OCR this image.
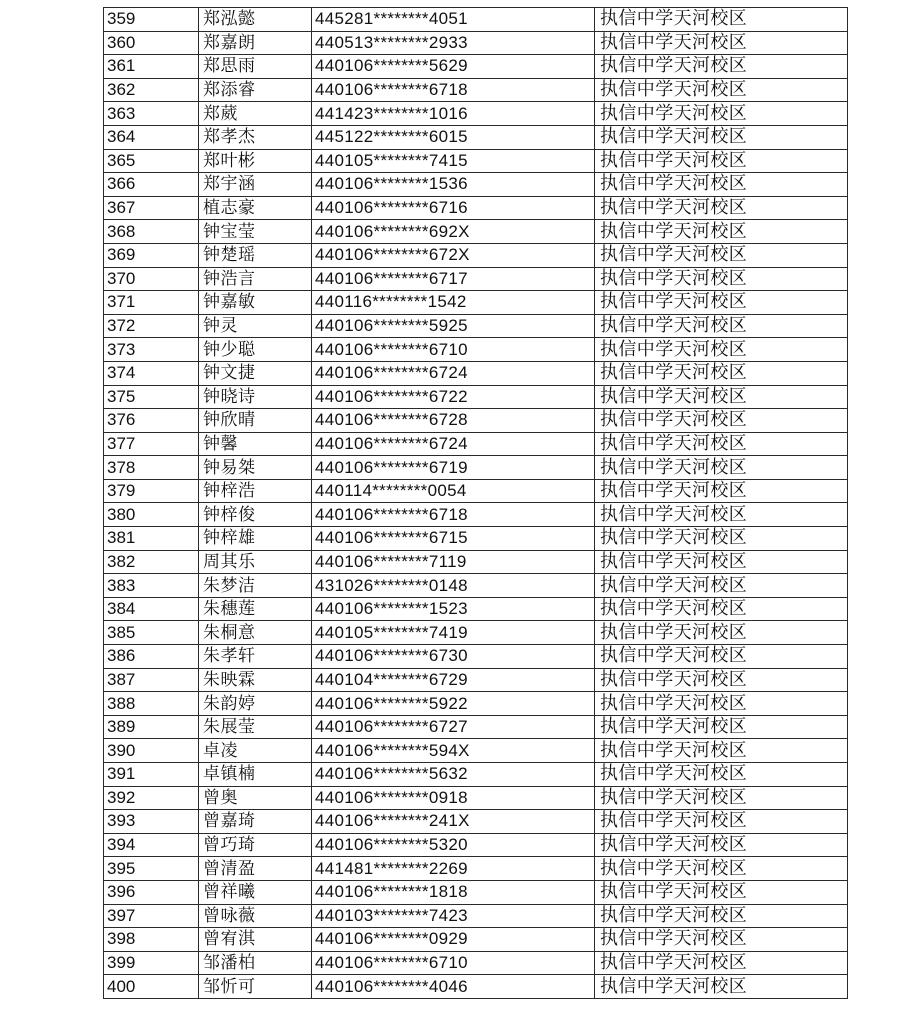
359	郑泓懿	445281********4051	执信中学天河校区
360	郑嘉朗	440513********2933	执信中学天河校区
361	郑思雨	440106********5629	执信中学天河校区
362	郑添睿	440106********6718	执信中学天河校区
363	郑葳	441423********1016	执信中学天河校区
364	郑孝杰	445122********6015	执信中学天河校区
365	郑叶彬	440105********7415	执信中学天河校区
366	郑宇涵	440106********1536	执信中学天河校区
367	植志豪	440106********6716	执信中学天河校区
368	钟宝莹	440106********692X	执信中学天河校区
369	钟楚瑶	440106********672X	执信中学天河校区
370	钟浩言	440106********6717	执信中学天河校区
371	钟嘉敏	440116********1542	执信中学天河校区
372	钟灵	440106********5925	执信中学天河校区
373	钟少聪	440106********6710	执信中学天河校区
374	钟文捷	440106********6724	执信中学天河校区
375	钟晓诗	440106********6722	执信中学天河校区
376	钟欣晴	440106********6728	执信中学天河校区
377	钟馨	440106********6724	执信中学天河校区
378	钟易桀	440106********6719	执信中学天河校区
379	钟梓浩	440114********0054	执信中学天河校区
380	钟梓俊	440106********6718	执信中学天河校区
381	钟梓雄	440106********6715	执信中学天河校区
382	周其乐	440106********7119	执信中学天河校区
383	朱梦洁	431026********0148	执信中学天河校区
384	朱穗莲	440106********1523	执信中学天河校区
385	朱桐意	440105********7419	执信中学天河校区
386	朱孝轩	440106********6730	执信中学天河校区
387	朱映霖	440104********6729	执信中学天河校区
388	朱韵婷	440106********5922	执信中学天河校区
389	朱展莹	440106********6727	执信中学天河校区
390	卓凌	440106********594X	执信中学天河校区
391	卓镇楠	440106********5632	执信中学天河校区
392	曾奥	440106********0918	执信中学天河校区
393	曾嘉琦	440106********241X	执信中学天河校区
394	曾巧琦	440106********5320	执信中学天河校区
395	曾清盈	441481********2269	执信中学天河校区
396	曾祥曦	440106********1818	执信中学天河校区
397	曾咏薇	440103********7423	执信中学天河校区
398	曾宥淇	440106********0929	执信中学天河校区
399	邹潘柏	440106********6710	执信中学天河校区
400	邹忻可	440106********4046	执信中学天河校区
